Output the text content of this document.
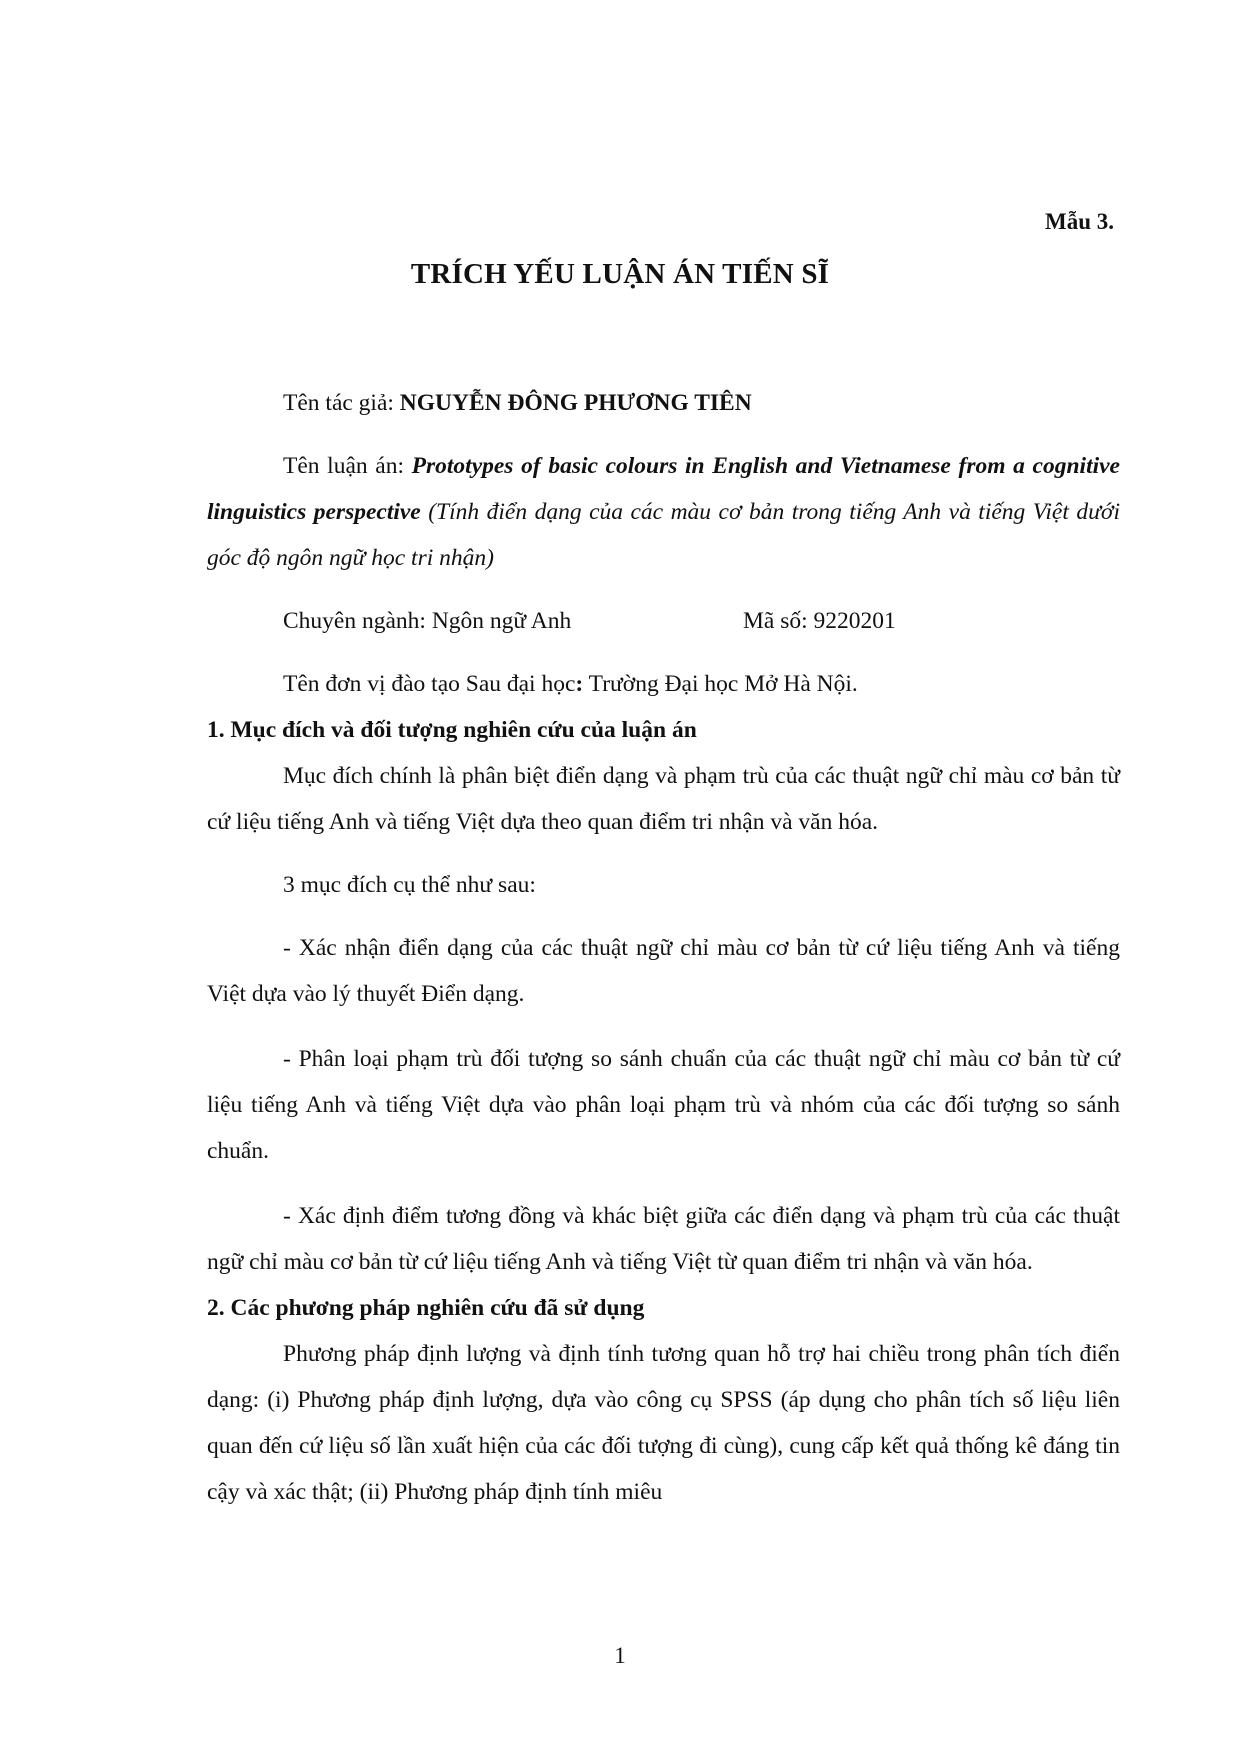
Mẫu 3.
TRÍCH YẾU LUẬN ÁN TIẾN SĨ

Tên tác giả: NGUYỄN ĐÔNG PHƯƠNG TIÊN

Tên luận án: Prototypes of basic colours in English and Vietnamese from a cognitive linguistics perspective (Tính điển dạng của các màu cơ bản trong tiếng Anh và tiếng Việt dưới góc độ ngôn ngữ học tri nhận)

Chuyên ngành: Ngôn ngữ Anh	Mã số: 9220201

Tên đơn vị đào tạo Sau đại học: Trường Đại học Mở Hà Nội.

1. Mục đích và đối tượng nghiên cứu của luận án

Mục đích chính là phân biệt điển dạng và phạm trù của các thuật ngữ chỉ màu cơ bản từ cứ liệu tiếng Anh và tiếng Việt dựa theo quan điểm tri nhận và văn hóa.

3 mục đích cụ thể như sau:

- Xác nhận điển dạng của các thuật ngữ chỉ màu cơ bản từ cứ liệu tiếng Anh và tiếng Việt dựa vào lý thuyết Điển dạng.

- Phân loại phạm trù đối tượng so sánh chuẩn của các thuật ngữ chỉ màu cơ bản từ cứ liệu tiếng Anh và tiếng Việt dựa vào phân loại phạm trù và nhóm của các đối tượng so sánh chuẩn.

- Xác định điểm tương đồng và khác biệt giữa các điển dạng và phạm trù của các thuật ngữ chỉ màu cơ bản từ cứ liệu tiếng Anh và tiếng Việt từ quan điểm tri nhận và văn hóa.

2. Các phương pháp nghiên cứu đã sử dụng

Phương pháp định lượng và định tính tương quan hỗ trợ hai chiều trong phân tích điển dạng: (i) Phương pháp định lượng, dựa vào công cụ SPSS (áp dụng cho phân tích số liệu liên quan đến cứ liệu số lần xuất hiện của các đối tượng đi cùng), cung cấp kết quả thống kê đáng tin cậy và xác thật; (ii) Phương pháp định tính miêu

1
